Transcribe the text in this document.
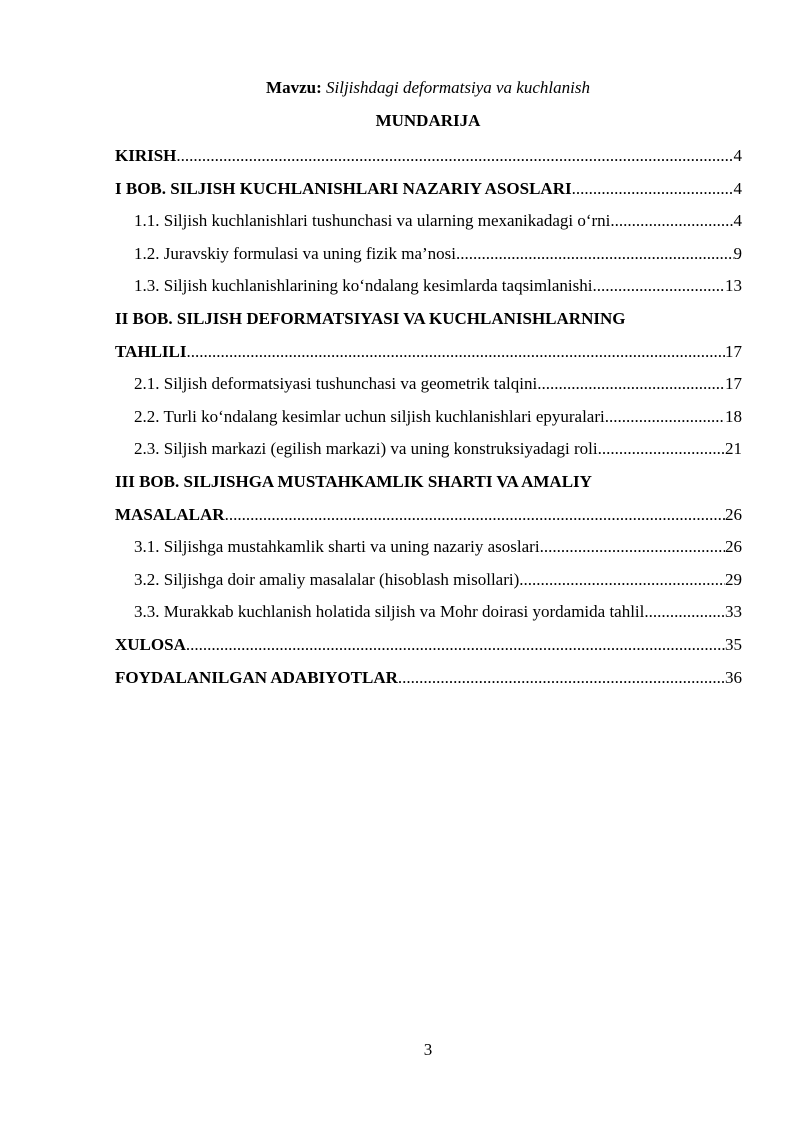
Mavzu: Siljishdagi deformatsiya va kuchlanish
MUNDARIJA
KIRISH .....	4
I BOB. SILJISH KUCHLANISHLARI NAZARIY ASOSLARI .....	4
1.1. Siljish kuchlanishlari tushunchasi va ularning mexanikadagi o‘rni .....	4
1.2. Juravskiy formulasi va uning fizik ma’nosi .....	9
1.3. Siljish kuchlanishlarining ko‘ndalang kesimlarda taqsimlanishi .....	13
II BOB. SILJISH DEFORMATSIYASI VA KUCHLANISHLARNING
TAHLILI .....	17
2.1. Siljish deformatsiyasi tushunchasi va geometrik talqini .....	17
2.2. Turli ko‘ndalang kesimlar uchun siljish kuchlanishlari epyuralari .....	18
2.3. Siljish markazi (egilish markazi) va uning konstruksiyadagi roli .....	21
III BOB. SILJISHGA MUSTAHKAMLIK SHARTI VA AMALIY
MASALALAR .....	26
3.1. Siljishga mustahkamlik sharti va uning nazariy asoslari .....	26
3.2. Siljishga doir amaliy masalalar (hisoblash misollari) .....	29
3.3. Murakkab kuchlanish holatida siljish va Mohr doirasi yordamida tahlil .....	33
XULOSA .....	35
FOYDALANILGAN ADABIYOTLAR .....	36
3
